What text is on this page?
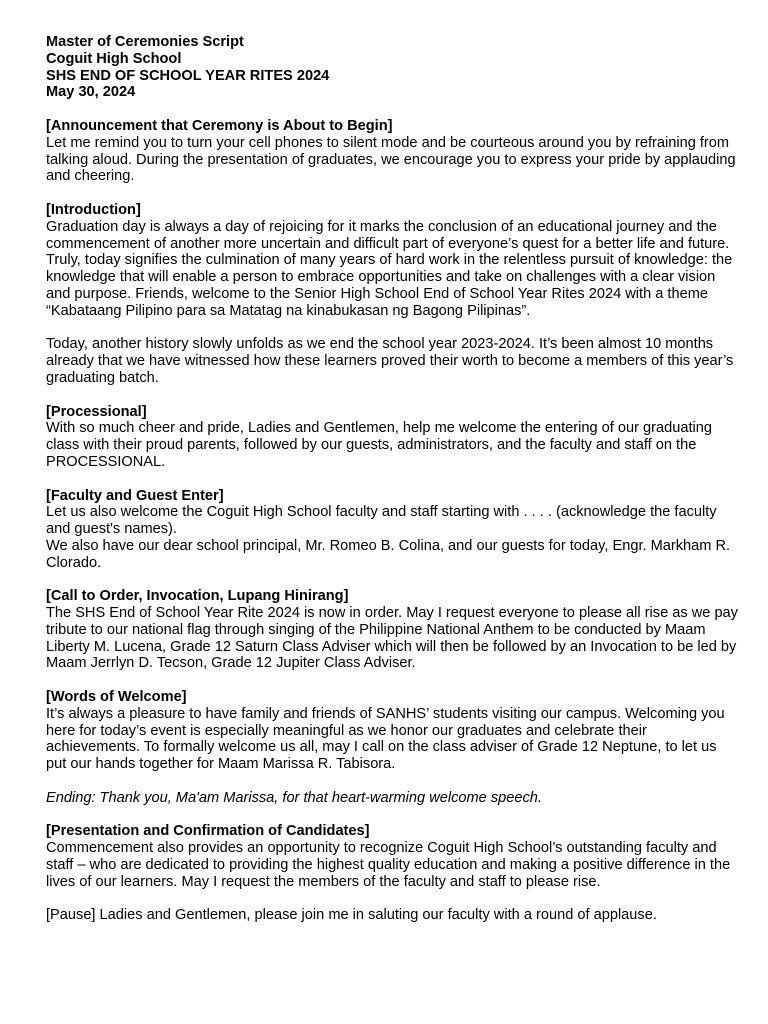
Master of Ceremonies Script
Coguit High School
SHS END OF SCHOOL YEAR RITES 2024
May 30, 2024
[Announcement that Ceremony is About to Begin]

Let me remind you to turn your cell phones to silent mode and be courteous around you by refraining from talking aloud. During the presentation of graduates, we encourage you to express your pride by applauding and cheering.

[Introduction]

Graduation day is always a day of rejoicing for it marks the conclusion of an educational journey and the commencement of another more uncertain and difficult part of everyone’s quest for a better life and future. Truly, today signifies the culmination of many years of hard work in the relentless pursuit of knowledge: the knowledge that will enable a person to embrace opportunities and take on challenges with a clear vision and purpose. Friends, welcome to the Senior High School End of School Year Rites 2024 with a theme “Kabataang Pilipino para sa Matatag na kinabukasan ng Bagong Pilipinas”.

Today, another history slowly unfolds as we end the school year 2023-2024. It’s been almost 10 months already that we have witnessed how these learners proved their worth to become a members of this year’s graduating batch.

[Processional]

With so much cheer and pride, Ladies and Gentlemen, help me welcome the entering of our graduating class with their proud parents, followed by our guests, administrators, and the faculty and staff on the PROCESSIONAL.

[Faculty and Guest Enter]

Let us also welcome the Coguit High School faculty and staff starting with . . . . (acknowledge the faculty and guest's names).

We also have our dear school principal, Mr. Romeo B. Colina, and our guests for today, Engr. Markham R. Clorado.

[Call to Order, Invocation, Lupang Hinirang]

The SHS End of School Year Rite 2024 is now in order. May I request everyone to please all rise as we pay tribute to our national flag through singing of the Philippine National Anthem to be conducted by Maam Liberty M. Lucena, Grade 12 Saturn Class Adviser which will then be followed by an Invocation to be led by Maam Jerrlyn D. Tecson, Grade 12 Jupiter Class Adviser.

[Words of Welcome]

It’s always a pleasure to have family and friends of SANHS’ students visiting our campus. Welcoming you here for today’s event is especially meaningful as we honor our graduates and celebrate their achievements. To formally welcome us all, may I call on the class adviser of Grade 12 Neptune, to let us put our hands together for Maam Marissa R. Tabisora.

Ending: Thank you, Ma'am Marissa, for that heart-warming welcome speech.

[Presentation and Confirmation of Candidates]

Commencement also provides an opportunity to recognize Coguit High School’s outstanding faculty and staff – who are dedicated to providing the highest quality education and making a positive difference in the lives of our learners. May I request the members of the faculty and staff to please rise.

[Pause] Ladies and Gentlemen, please join me in saluting our faculty with a round of applause.
